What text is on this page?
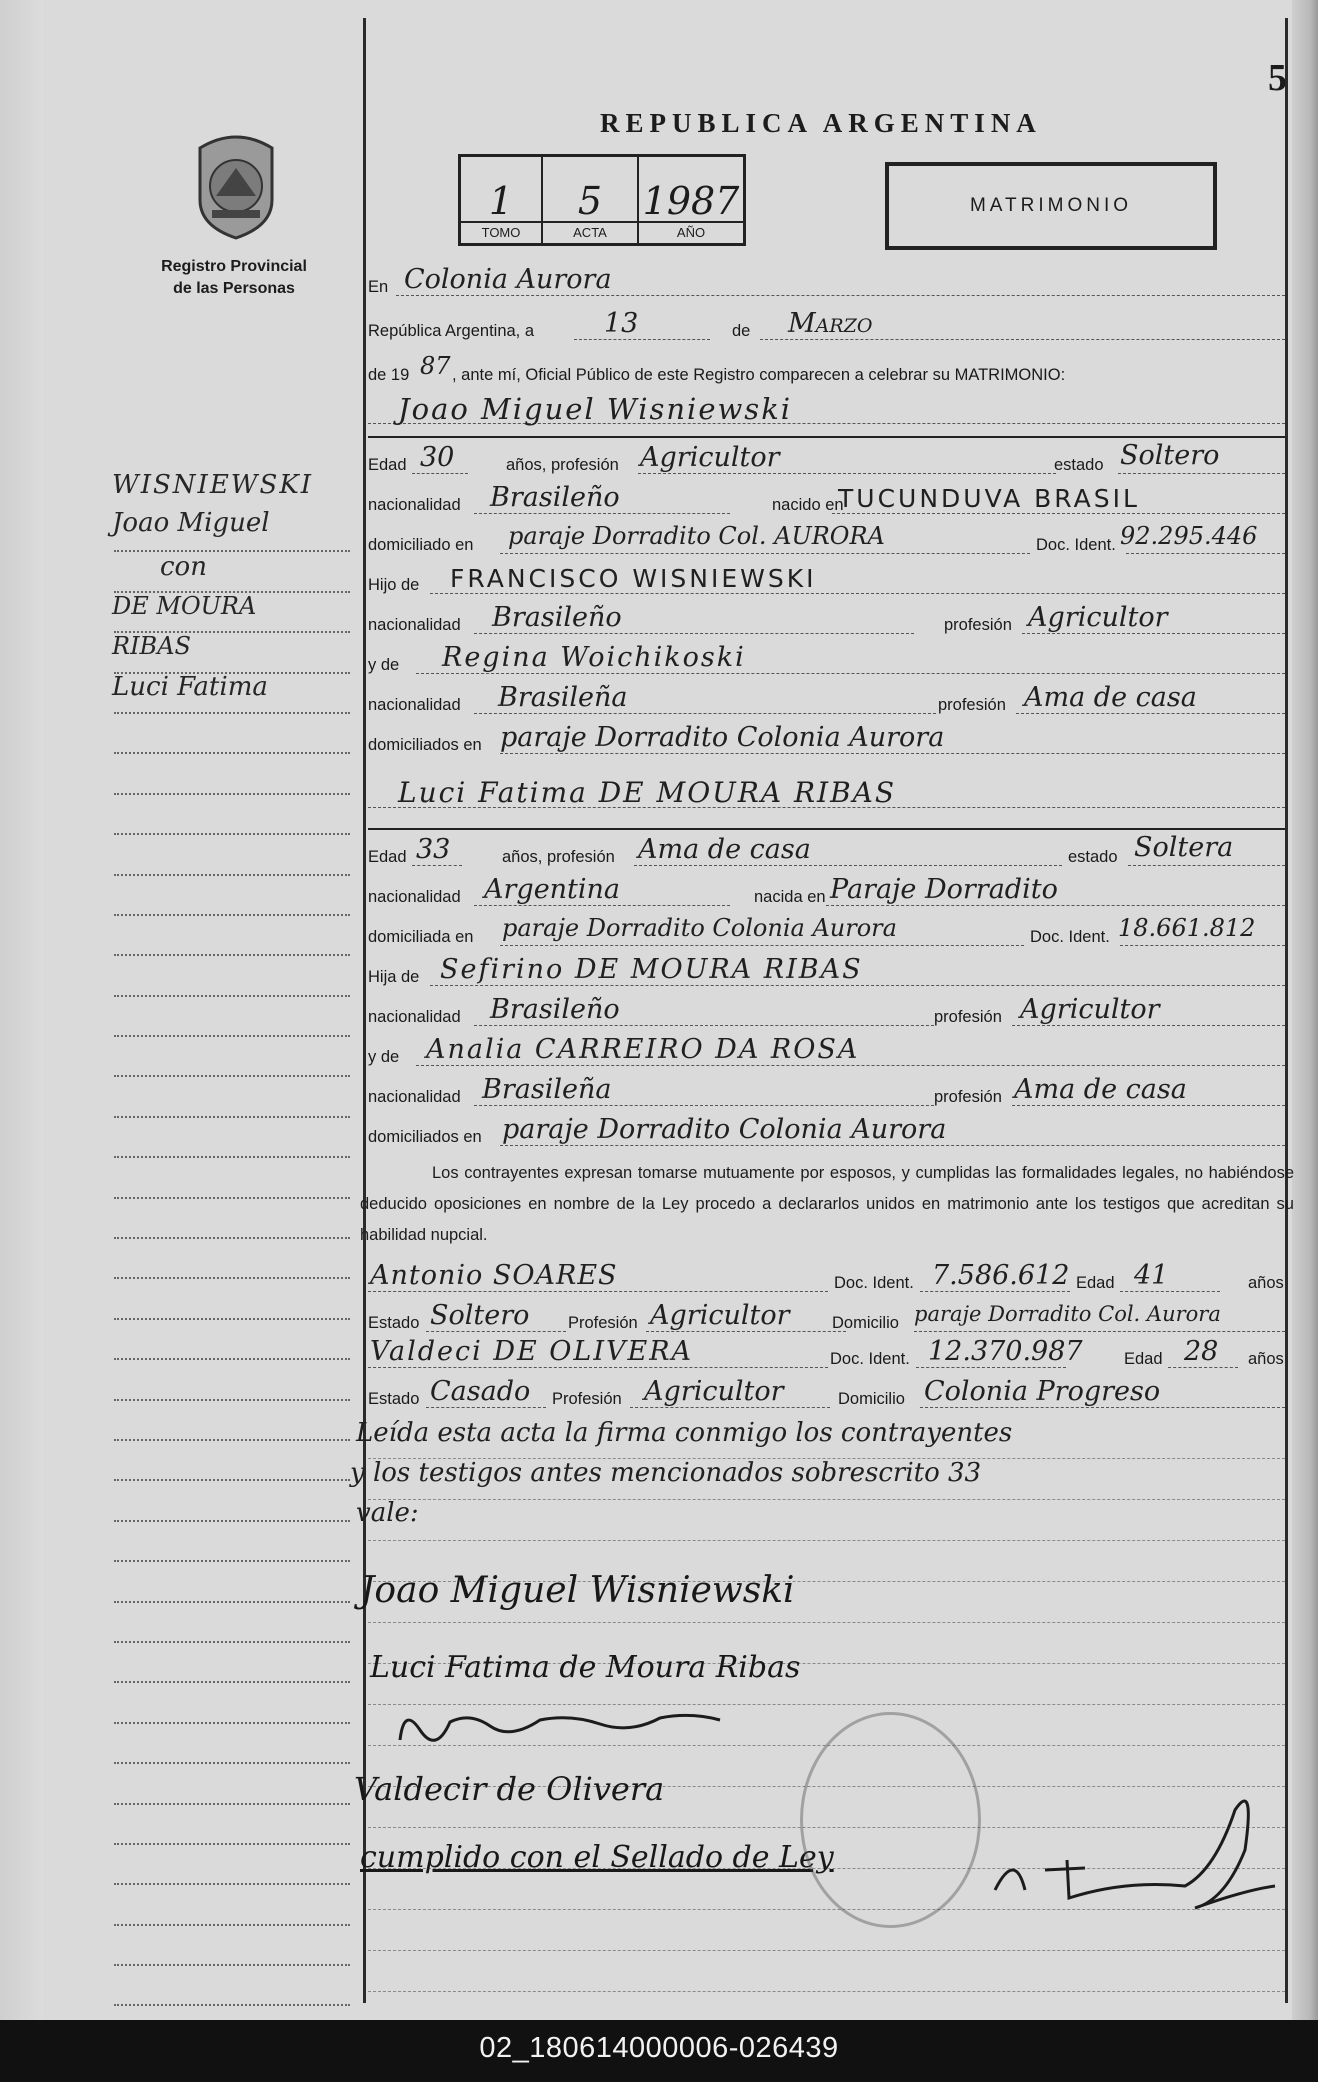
5
REPUBLICA ARGENTINA
Registro Provincial
de las Personas
1
TOMO
5
ACTA
1987
AÑO
MATRIMONIO
WISNIEWSKI
Joao Miguel
con
DE MOURA
RIBAS
Luci Fatima
En Colonia Aurora
República Argentina, a	13	de Marzo
de 19 87 , ante mí, Oficial Público de este Registro comparecen a celebrar su MATRIMONIO:
Joao Miguel Wisniewski
Edad 30	años, profesión Agricultor	estado Soltero
nacionalidad Brasileño	nacido en
TUCUNDUVA BRASIL
domiciliado en paraje Dorradito Col. AURORA	Doc. Ident. 92.295.446
Hijo de FRANCISCO WISNIEWSKI
nacionalidad Brasileño	profesión Agricultor
y de Regina Woichikoski
nacionalidad Brasileña	profesión Ama de casa
domiciliados en paraje Dorradito Colonia Aurora
Luci Fatima DE MOURA RIBAS
Edad 33	años, profesión Ama de casa	estado Soltera
nacionalidad Argentina	nacida en Paraje Dorradito
domiciliada en paraje Dorradito Colonia Aurora	Doc. Ident. 18.661.812
Hija de Sefirino DE MOURA RIBAS
nacionalidad Brasileño	profesión Agricultor
y de Analia CARREIRO DA ROSA
nacionalidad Brasileña	profesión Ama de casa
domiciliados en paraje Dorradito Colonia Aurora
Los contrayentes expresan tomarse mutuamente por esposos, y cumplidas las formalidades legales, no habiéndose deducido oposiciones en nombre de la Ley procedo a declararlos unidos en matrimonio ante los testigos que acreditan su habilidad nupcial.
Antonio SOARES	Doc. Ident. 7.586.612 Edad 41	años
Estado Soltero Profesión Agricultor	Domicilio paraje Dorradito Col. Aurora
Valdeci DE OLIVERA	Doc. Ident. 12.370.987	Edad 28 años
Estado Casado Profesión Agricultor	Domicilio Colonia Progreso
Leída esta acta la firma conmigo los contrayentes
y los testigos antes mencionados sobrescrito 33
vale:
Joao Miguel Wisniewski
Luci Fatima de Moura Ribas
Valdecir de Olivera
cumplido con el Sellado de Ley
02_180614000006-026439
